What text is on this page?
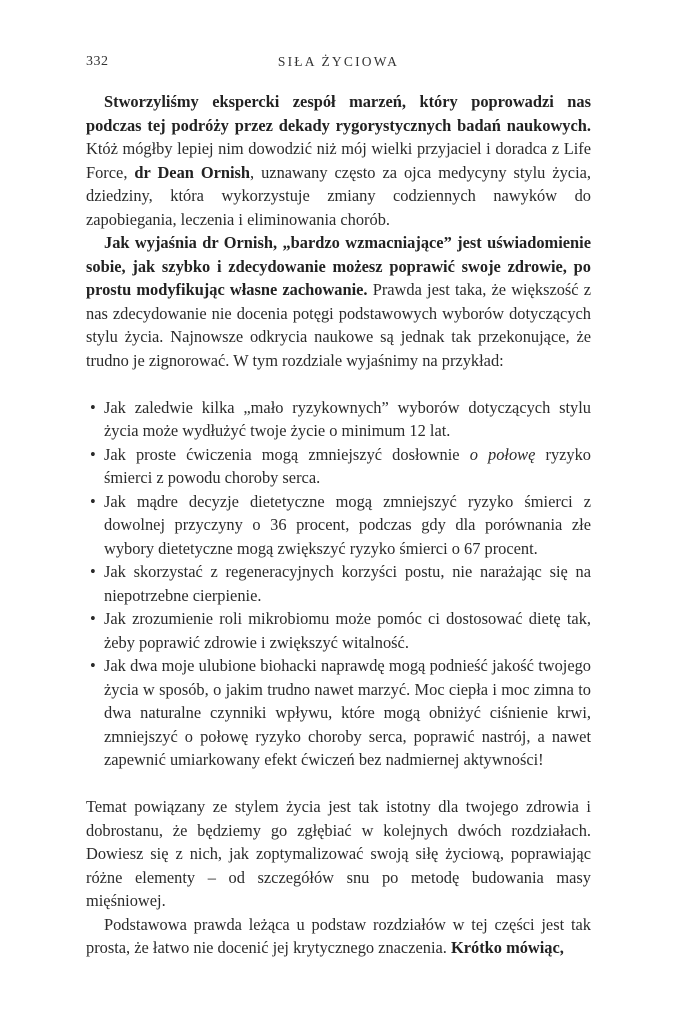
332	SIŁA ŻYCIOWA

Stworzyliśmy ekspercki zespół marzeń, który poprowadzi nas podczas tej podróży przez dekady rygorystycznych badań naukowych. Któż mógłby lepiej nim dowodzić niż mój wielki przyjaciel i doradca z Life Force, dr Dean Ornish, uznawany często za ojca medycyny stylu życia, dziedziny, która wykorzystuje zmiany codziennych nawyków do zapobiegania, leczenia i eliminowania chorób.

Jak wyjaśnia dr Ornish, „bardzo wzmacniające” jest uświadomienie sobie, jak szybko i zdecydowanie możesz poprawić swoje zdrowie, po prostu modyfikując własne zachowanie. Prawda jest taka, że większość z nas zdecydowanie nie docenia potęgi podstawowych wyborów dotyczących stylu życia. Najnowsze odkrycia naukowe są jednak tak przekonujące, że trudno je zignorować. W tym rozdziale wyjaśnimy na przykład:

• Jak zaledwie kilka „mało ryzykownych” wyborów dotyczących stylu życia może wydłużyć twoje życie o minimum 12 lat.
• Jak proste ćwiczenia mogą zmniejszyć dosłownie o połowę ryzyko śmierci z powodu choroby serca.
• Jak mądre decyzje dietetyczne mogą zmniejszyć ryzyko śmierci z dowolnej przyczyny o 36 procent, podczas gdy dla porównania złe wybory dietetyczne mogą zwiększyć ryzyko śmierci o 67 procent.
• Jak skorzystać z regeneracyjnych korzyści postu, nie narażając się na niepotrzebne cierpienie.
• Jak zrozumienie roli mikrobiomu może pomóc ci dostosować dietę tak, żeby poprawić zdrowie i zwiększyć witalność.
• Jak dwa moje ulubione biohacki naprawdę mogą podnieść jakość twojego życia w sposób, o jakim trudno nawet marzyć. Moc ciepła i moc zimna to dwa naturalne czynniki wpływu, które mogą obniżyć ciśnienie krwi, zmniejszyć o połowę ryzyko choroby serca, poprawić nastrój, a nawet zapewnić umiarkowany efekt ćwiczeń bez nadmiernej aktywności!

Temat powiązany ze stylem życia jest tak istotny dla twojego zdrowia i dobrostanu, że będziemy go zgłębiać w kolejnych dwóch rozdziałach. Dowiesz się z nich, jak zoptymalizować swoją siłę życiową, poprawiając różne elementy – od szczegółów snu po metodę budowania masy mięśniowej.

Podstawowa prawda leżąca u podstaw rozdziałów w tej części jest tak prosta, że łatwo nie docenić jej krytycznego znaczenia. Krótko mówiąc,
